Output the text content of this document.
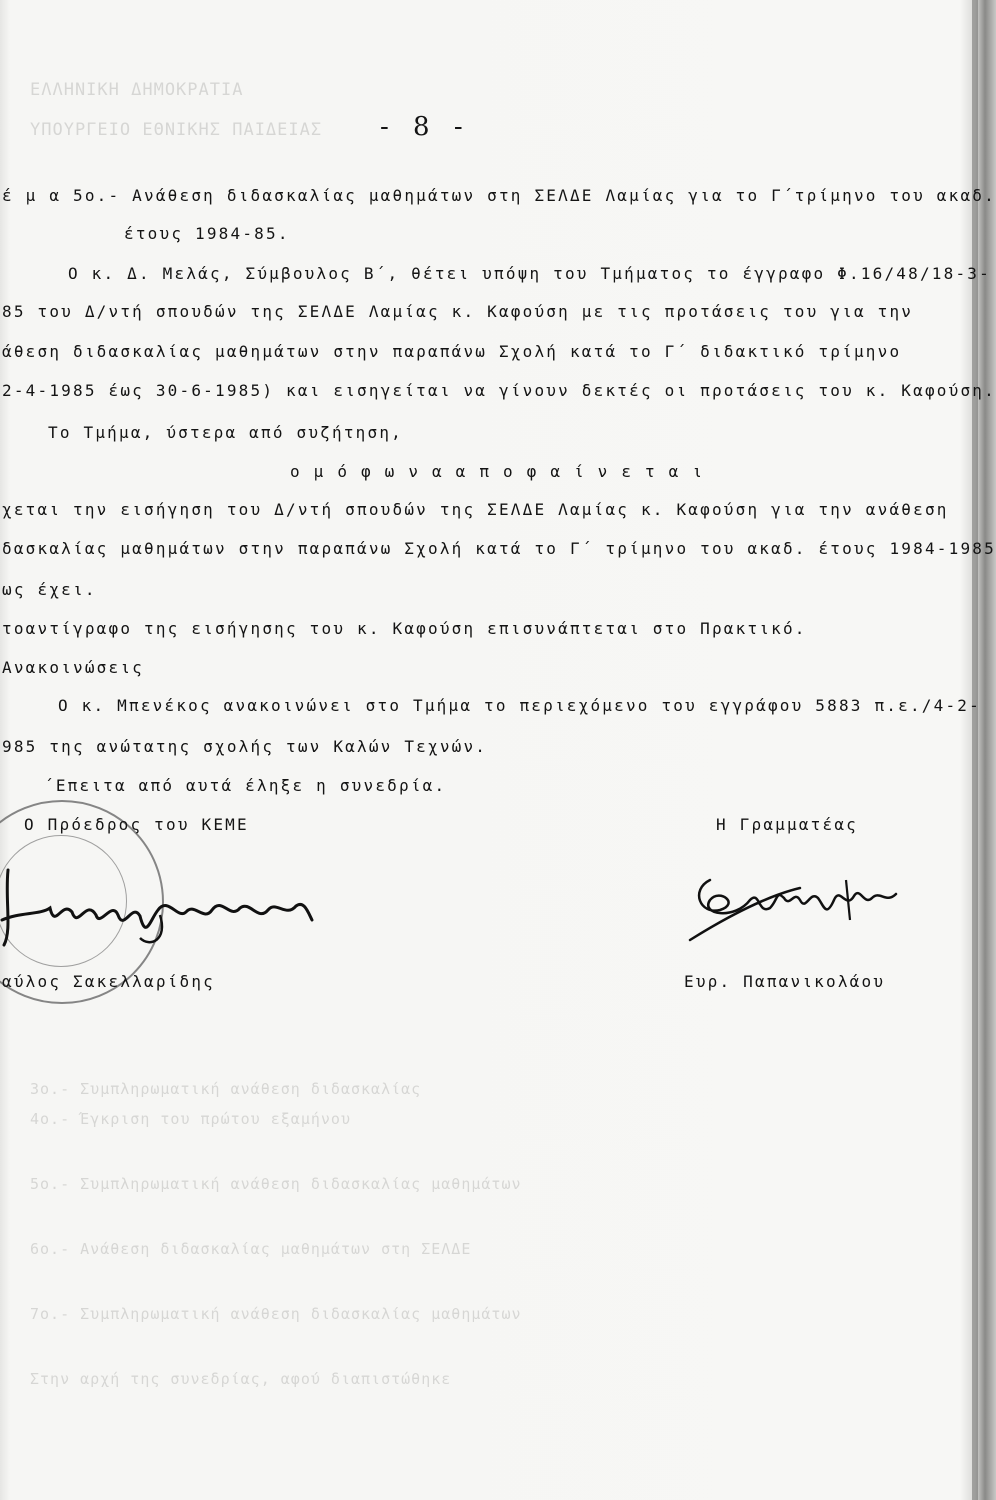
ΕΛΛΗΝΙΚΗ ΔΗΜΟΚΡΑΤΙΑ
ΥΠΟΥΡΓΕΙΟ ΕΘΝΙΚΗΣ ΠΑΙΔΕΙΑΣ
3ο.- Συμπληρωματική ανάθεση διδασκαλίας
4ο.- Έγκριση του πρώτου εξαμήνου
5ο.- Συμπληρωματική ανάθεση διδασκαλίας μαθημάτων
6ο.- Ανάθεση διδασκαλίας μαθημάτων στη ΣΕΛΔΕ
7ο.- Συμπληρωματική ανάθεση διδασκαλίας μαθημάτων
Στην αρχή της συνεδρίας, αφού διαπιστώθηκε
- 8 -
έ μ α 5ο.- Ανάθεση διδασκαλίας μαθημάτων στη ΣΕΛΔΕ Λαμίας για το Γ΄τρίμηνο του ακαδ.
έτους 1984-85.
Ο κ. Δ. Μελάς, Σύμβουλος Β΄, θέτει υπόψη του Τμήματος το έγγραφο Φ.16/48/18-3-
85 του Δ/ντή σπουδών της ΣΕΛΔΕ Λαμίας κ. Καφούση με τις προτάσεις του για την
άθεση διδασκαλίας μαθημάτων στην παραπάνω Σχολή κατά το Γ΄ διδακτικό τρίμηνο
2-4-1985 έως 30-6-1985) και εισηγείται να γίνουν δεκτές οι προτάσεις του κ. Καφούση.
Το Τμήμα, ύστερα από συζήτηση,
ο μ ό φ ω ν α α π ο φ α ί ν ε τ α ι
χεται την εισήγηση του Δ/ντή σπουδών της ΣΕΛΔΕ Λαμίας κ. Καφούση για την ανάθεση
δασκαλίας μαθημάτων στην παραπάνω Σχολή κατά το Γ΄ τρίμηνο του ακαδ. έτους 1984-1985
ως έχει.
τοαντίγραφο της εισήγησης του κ. Καφούση επισυνάπτεται στο Πρακτικό.
Ανακοινώσεις
Ο κ. Μπενέκος ανακοινώνει στο Τμήμα το περιεχόμενο του εγγράφου 5883 π.ε./4-2-
985 της ανώτατης σχολής των Καλών Τεχνών.
΄Επειτα από αυτά έληξε η συνεδρία.
Ο Πρόεδρος του ΚΕΜΕ	Η Γραμματέας
αύλος Σακελλαρίδης	Ευρ. Παπανικολάου
